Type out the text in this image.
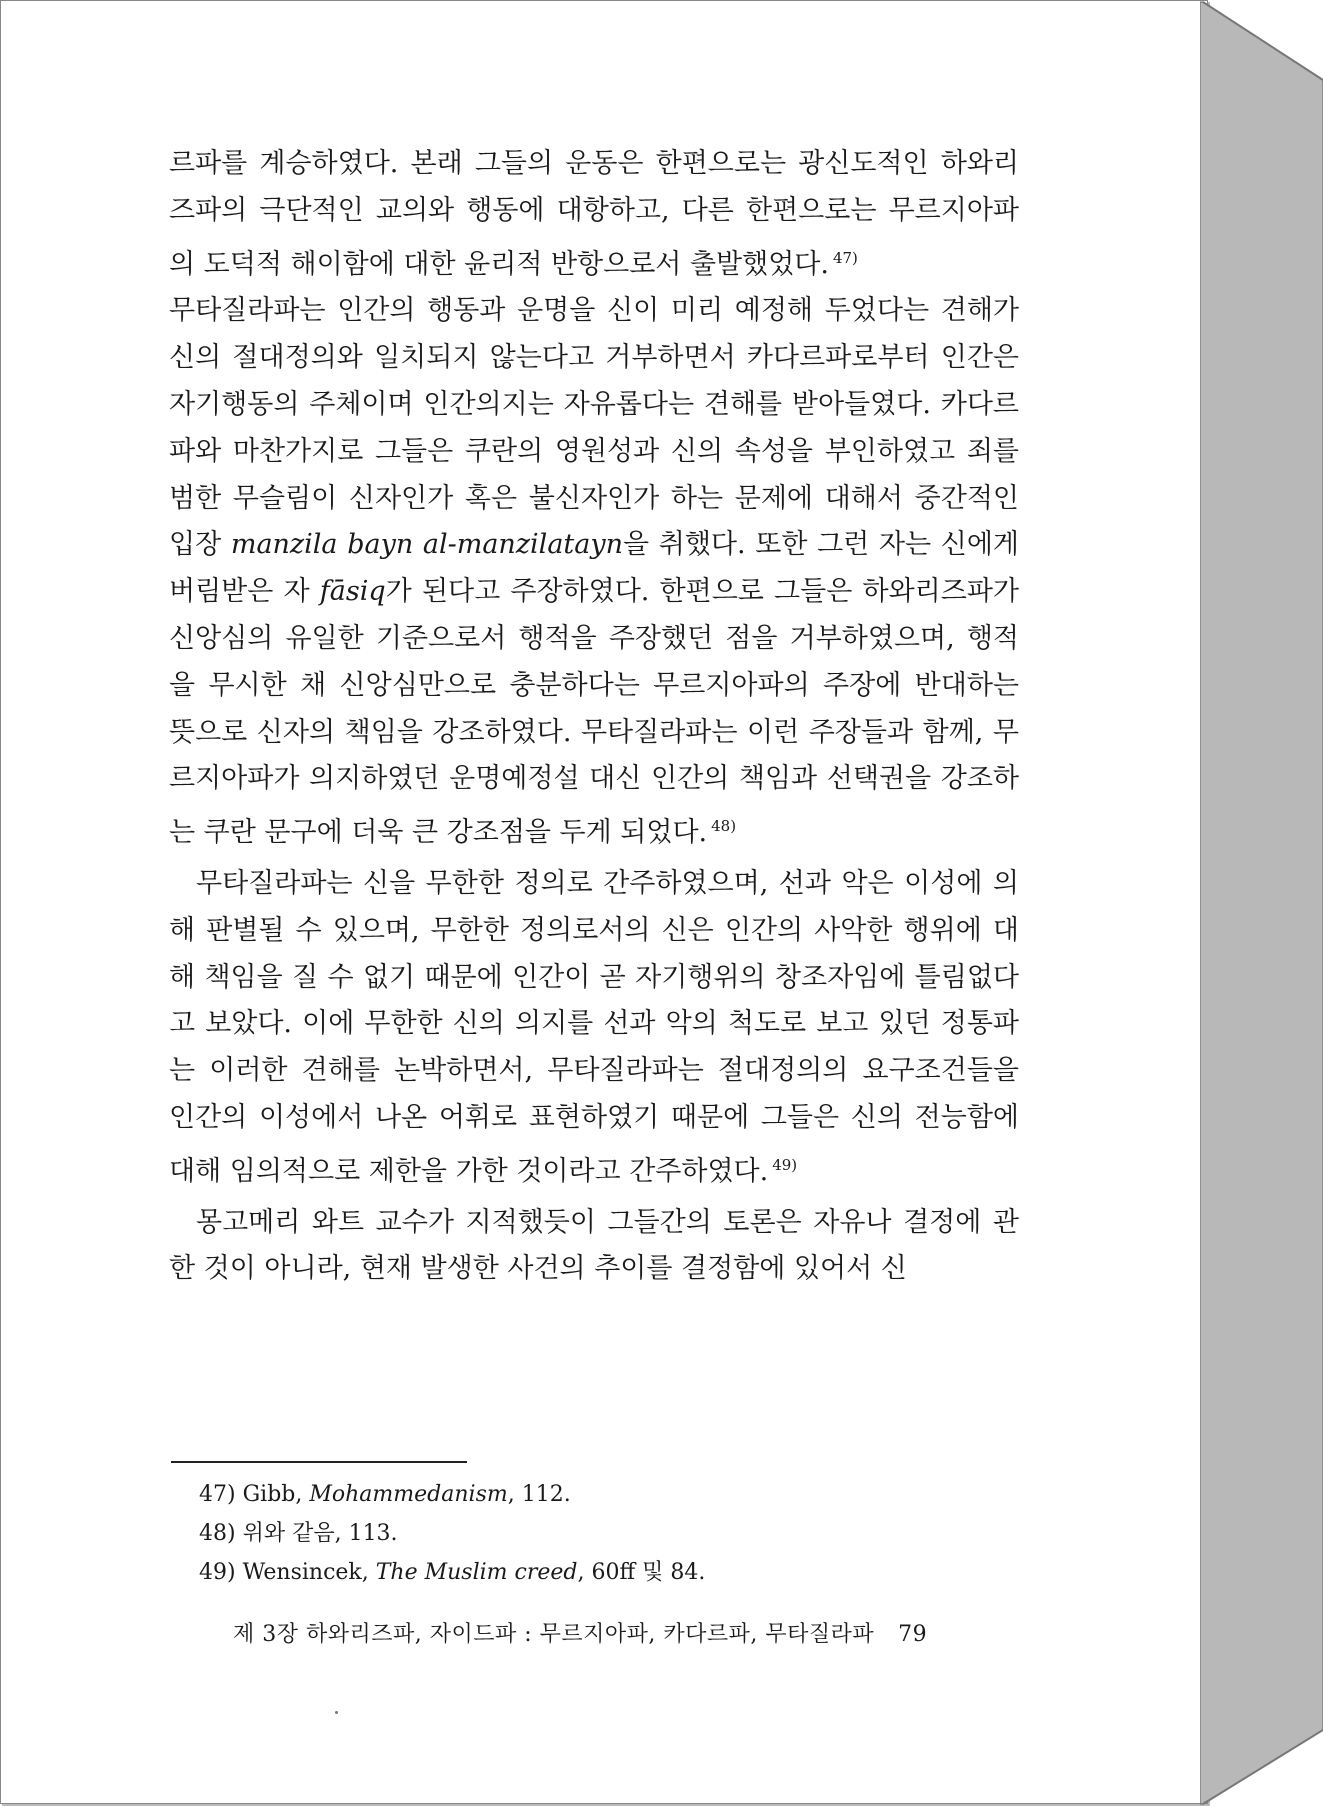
르파를 계승하였다. 본래 그들의 운동은 한편으로는 광신도적인 하와리즈파의 극단적인 교의와 행동에 대항하고, 다른 한편으로는 무르지아파의 도덕적 해이함에 대한 윤리적 반항으로서 출발했었다. $^{47)}$

무타질라파는 인간의 행동과 운명을 신이 미리 예정해 두었다는 견해가 신의 절대정의와 일치되지 않는다고 거부하면서 카다르파로부터 인간은 자기행동의 주체이며 인간의지는 자유롭다는 견해를 받아들였다. 카다르파와 마찬가지로 그들은 쿠란의 영원성과 신의 속성을 부인하였고 죄를 범한 무슬림이 신자인가 혹은 불신자인가 하는 문제에 대해서 중간적인 입장 manzila bayn al-manzilatayn을 취했다. 또한 그런 자는 신에게 버림받은 자 fāsiq가 된다고 주장하였다. 한편으로 그들은 하와리즈파가 신앙심의 유일한 기준으로서 행적을 주장했던 점을 거부하였으며, 행적을 무시한 채 신앙심만으로 충분하다는 무르지아파의 주장에 반대하는 뜻으로 신자의 책임을 강조하였다. 무타질라파는 이런 주장들과 함께, 무르지아파가 의지하였던 운명예정설 대신 인간의 책임과 선택권을 강조하는 쿠란 문구에 더욱 큰 강조점을 두게 되었다. $^{48)}$

무타질라파는 신을 무한한 정의로 간주하였으며, 선과 악은 이성에 의해 판별될 수 있으며, 무한한 정의로서의 신은 인간의 사악한 행위에 대해 책임을 질 수 없기 때문에 인간이 곧 자기행위의 창조자임에 틀림없다고 보았다. 이에 무한한 신의 의지를 선과 악의 척도로 보고 있던 정통파는 이러한 견해를 논박하면서, 무타질라파는 절대정의의 요구조건들을 인간의 이성에서 나온 어휘로 표현하였기 때문에 그들은 신의 전능함에 대해 임의적으로 제한을 가한 것이라고 간주하였다. $^{49)}$

몽고메리 와트 교수가 지적했듯이 그들간의 토론은 자유나 결정에 관한 것이 아니라, 현재 발생한 사건의 추이를 결정함에 있어서 신

47) Gibb, Mohammedanism, 112.
48) 위와 같음, 113.
49) Wensincek, The Muslim creed, 60ff 및 84.
제 3장 하와리즈파, 자이드파 : 무르지아파, 카다르파, 무타질라파 79
